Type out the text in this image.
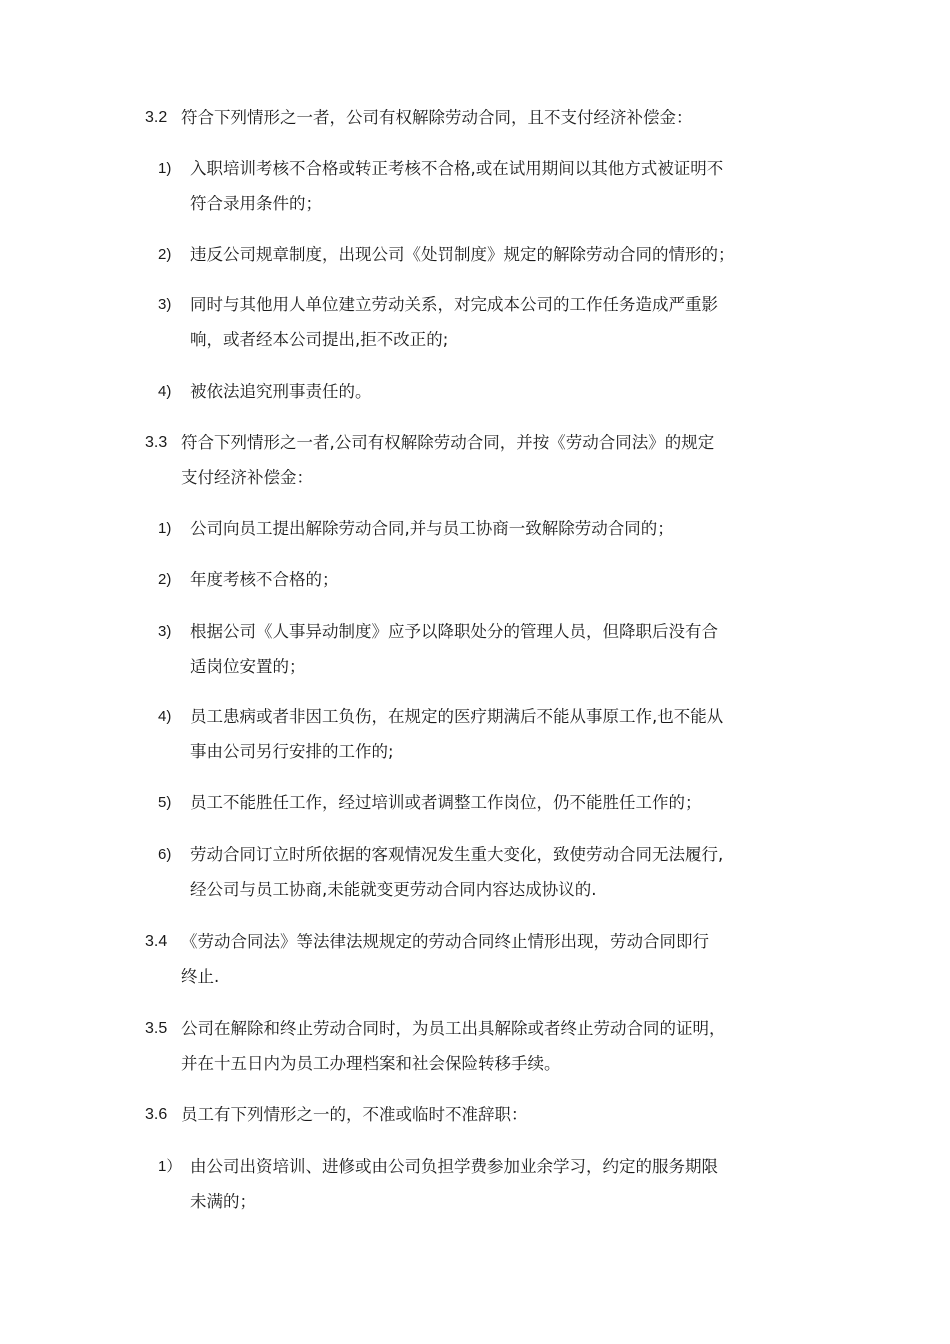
3.2 符合下列情形之一者，公司有权解除劳动合同，且不支付经济补偿金：
1) 入职培训考核不合格或转正考核不合格,或在试用期间以其他方式被证明不
符合录用条件的；
2) 违反公司规章制度，出现公司《处罚制度》规定的解除劳动合同的情形的；
3) 同时与其他用人单位建立劳动关系，对完成本公司的工作任务造成严重影
响，或者经本公司提出,拒不改正的;
4) 被依法追究刑事责任的。
3.3 符合下列情形之一者,公司有权解除劳动合同，并按《劳动合同法》的规定
支付经济补偿金：
1) 公司向员工提出解除劳动合同,并与员工协商一致解除劳动合同的；
2) 年度考核不合格的；
3) 根据公司《人事异动制度》应予以降职处分的管理人员，但降职后没有合
适岗位安置的；
4) 员工患病或者非因工负伤，在规定的医疗期满后不能从事原工作,也不能从
事由公司另行安排的工作的;
5) 员工不能胜任工作，经过培训或者调整工作岗位，仍不能胜任工作的；
6) 劳动合同订立时所依据的客观情况发生重大变化，致使劳动合同无法履行,
经公司与员工协商,未能就变更劳动合同内容达成协议的.
3.4 《劳动合同法》等法律法规规定的劳动合同终止情形出现，劳动合同即行
终止.
3.5 公司在解除和终止劳动合同时，为员工出具解除或者终止劳动合同的证明，
并在十五日内为员工办理档案和社会保险转移手续。
3.6 员工有下列情形之一的，不准或临时不准辞职：
1） 由公司出资培训、进修或由公司负担学费参加业余学习，约定的服务期限
未满的；
